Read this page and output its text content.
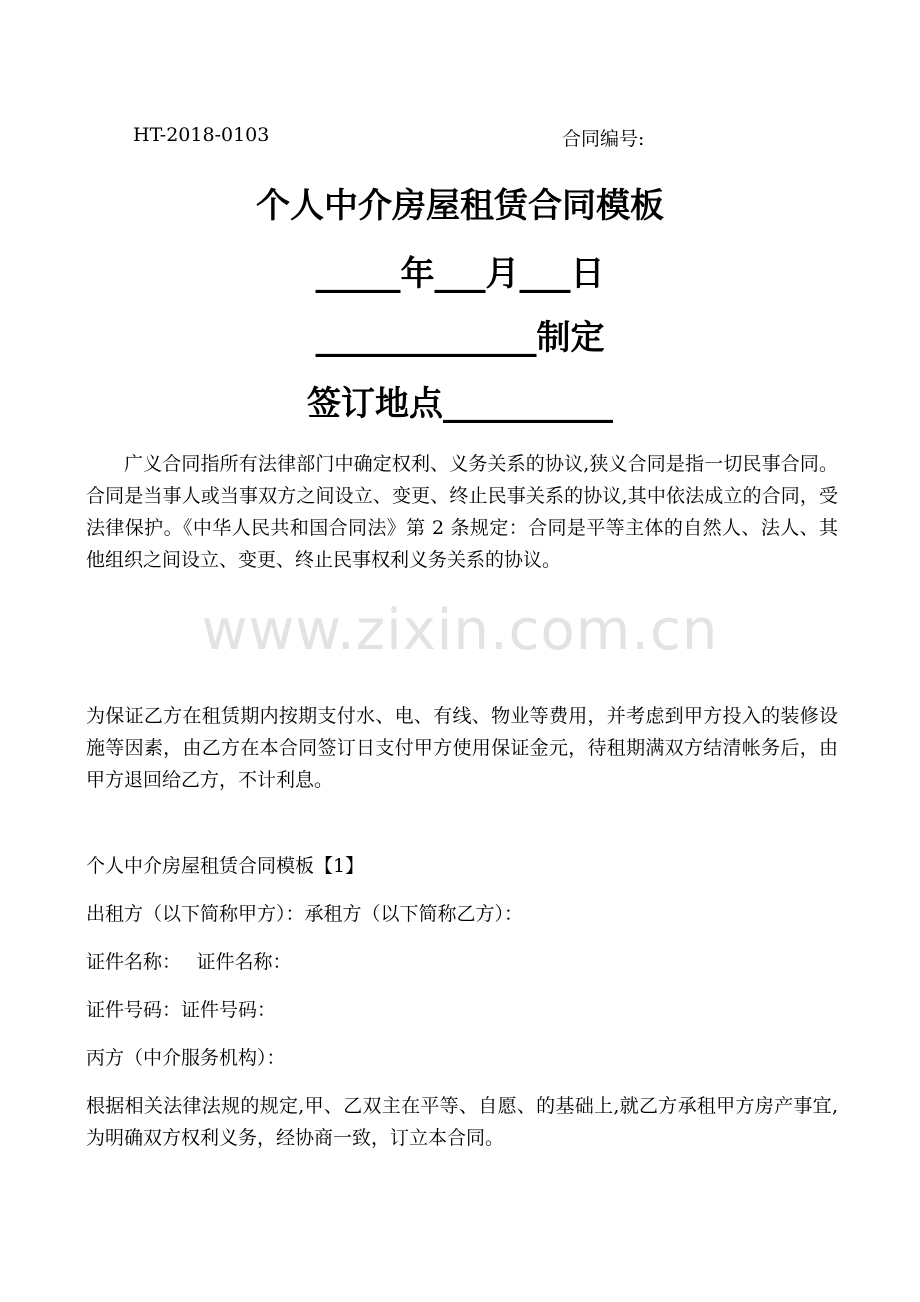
HT-2018-0103	合同编号:
个人中介房屋租赁合同模板
_____年___月___日
_____________制定
签订地点__________
广义合同指所有法律部门中确定权利、义务关系的协议,狭义合同是指一切民事合同。合同是当事人或当事双方之间设立、变更、终止民事关系的协议,其中依法成立的合同，受法律保护。《中华人民共和国合同法》第 2 条规定：合同是平等主体的自然人、法人、其他组织之间设立、变更、终止民事权利义务关系的协议。
www.zixin.com.cn
为保证乙方在租赁期内按期支付水、电、有线、物业等费用，并考虑到甲方投入的装修设施等因素，由乙方在本合同签订日支付甲方使用保证金元，待租期满双方结清帐务后，由甲方退回给乙方，不计利息。
个人中介房屋租赁合同模板【1】
出租方（以下简称甲方）：承租方（以下简称乙方）：
证件名称：　 证件名称：
证件号码：证件号码：
丙方（中介服务机构）：
根据相关法律法规的规定,甲、乙双主在平等、自愿、的基础上,就乙方承租甲方房产事宜,为明确双方权利义务，经协商一致，订立本合同。
